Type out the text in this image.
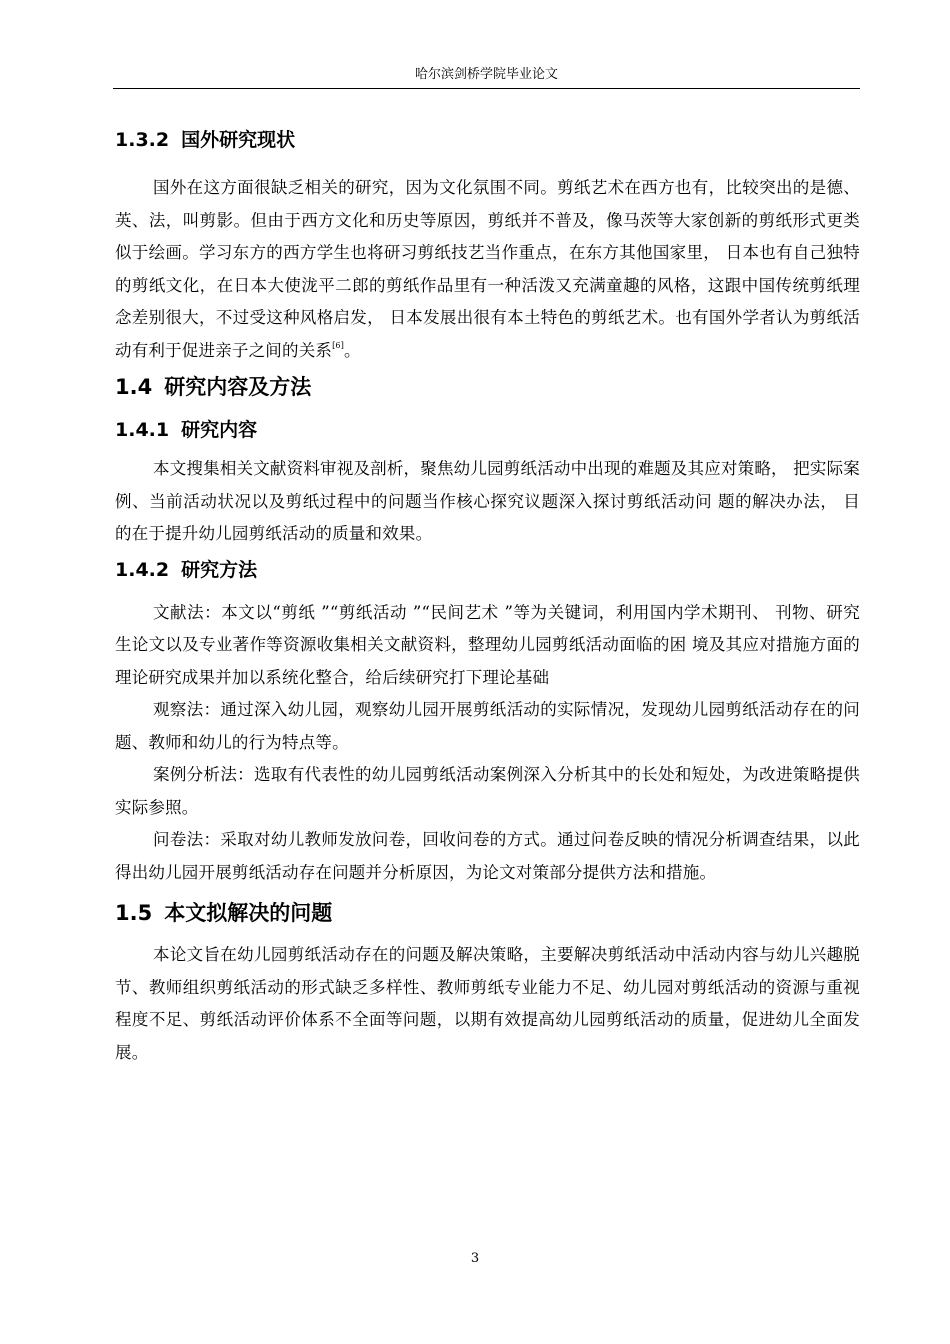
哈尔滨剑桥学院毕业论文
1.3.2 国外研究现状

国外在这方面很缺乏相关的研究，因为文化氛围不同。剪纸艺术在西方也有，比较突出的是德、英、法，叫剪影。但由于西方文化和历史等原因，剪纸并不普及，像马茨等大家创新的剪纸形式更类似于绘画。学习东方的西方学生也将研习剪纸技艺当作重点，在东方其他国家里， 日本也有自己独特的剪纸文化，在日本大使泷平二郎的剪纸作品里有一种活泼又充满童趣的风格，这跟中国传统剪纸理念差别很大，不过受这种风格启发， 日本发展出很有本土特色的剪纸艺术。也有国外学者认为剪纸活动有利于促进亲子之间的关系[6]。

1.4 研究内容及方法
1.4.1 研究内容

本文搜集相关文献资料审视及剖析，聚焦幼儿园剪纸活动中出现的难题及其应对策略， 把实际案例、当前活动状况以及剪纸过程中的问题当作核心探究议题深入探讨剪纸活动问 题的解决办法， 目的在于提升幼儿园剪纸活动的质量和效果。

1.4.2 研究方法

文献法：本文以“剪纸 ”“剪纸活动 ”“民间艺术 ”等为关键词，利用国内学术期刊、 刊物、研究生论文以及专业著作等资源收集相关文献资料，整理幼儿园剪纸活动面临的困 境及其应对措施方面的理论研究成果并加以系统化整合，给后续研究打下理论基础

观察法：通过深入幼儿园，观察幼儿园开展剪纸活动的实际情况，发现幼儿园剪纸活动存在的问题、教师和幼儿的行为特点等。

案例分析法：选取有代表性的幼儿园剪纸活动案例深入分析其中的长处和短处，为改进策略提供实际参照。

问卷法：采取对幼儿教师发放问卷，回收问卷的方式。通过问卷反映的情况分析调查结果，以此得出幼儿园开展剪纸活动存在问题并分析原因，为论文对策部分提供方法和措施。

1.5 本文拟解决的问题

本论文旨在幼儿园剪纸活动存在的问题及解决策略，主要解决剪纸活动中活动内容与幼儿兴趣脱节、教师组织剪纸活动的形式缺乏多样性、教师剪纸专业能力不足、幼儿园对剪纸活动的资源与重视程度不足、剪纸活动评价体系不全面等问题，以期有效提高幼儿园剪纸活动的质量，促进幼儿全面发展。

3
